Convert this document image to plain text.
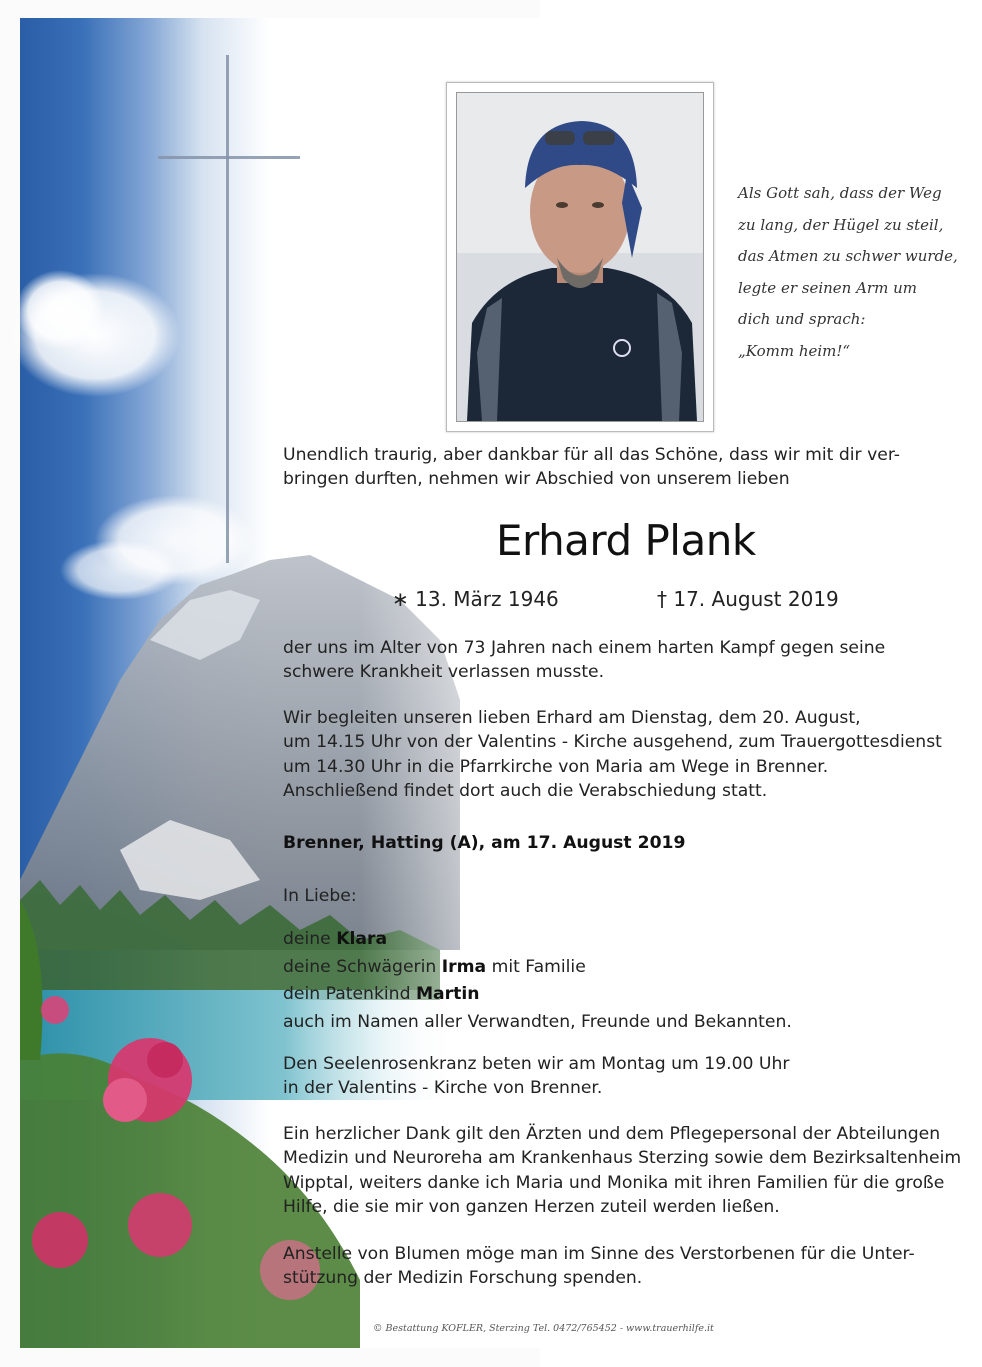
Als Gott sah, dass der Weg
zu lang, der Hügel zu steil,
das Atmen zu schwer wurde,
legte er seinen Arm um
dich und sprach:
„Komm heim!“
Unendlich traurig, aber dankbar für all das Schöne, dass wir mit dir ver-
bringen durften, nehmen wir Abschied von unserem lieben
Erhard Plank
∗ 13. März 1946	† 17. August 2019
der uns im Alter von 73 Jahren nach einem harten Kampf gegen seine
schwere Krankheit verlassen musste.
Wir begleiten unseren lieben Erhard am Dienstag, dem 20. August,
um 14.15 Uhr von der Valentins - Kirche ausgehend, zum Trauergottesdienst
um 14.30 Uhr in die Pfarrkirche von Maria am Wege in Brenner.
Anschließend findet dort auch die Verabschiedung statt.
Brenner, Hatting (A), am 17. August 2019
In Liebe:
deine Klara
deine Schwägerin Irma mit Familie
dein Patenkind Martin
auch im Namen aller Verwandten, Freunde und Bekannten.
Den Seelenrosenkranz beten wir am Montag um 19.00 Uhr
in der Valentins - Kirche von Brenner.
Ein herzlicher Dank gilt den Ärzten und dem Pflegepersonal der Abteilungen
Medizin und Neuroreha am Krankenhaus Sterzing sowie dem Bezirksaltenheim
Wipptal, weiters danke ich Maria und Monika mit ihren Familien für die große
Hilfe, die sie mir von ganzen Herzen zuteil werden ließen.
Anstelle von Blumen möge man im Sinne des Verstorbenen für die Unter-
stützung der Medizin Forschung spenden.
© Bestattung KOFLER, Sterzing Tel. 0472/765452 - www.trauerhilfe.it
